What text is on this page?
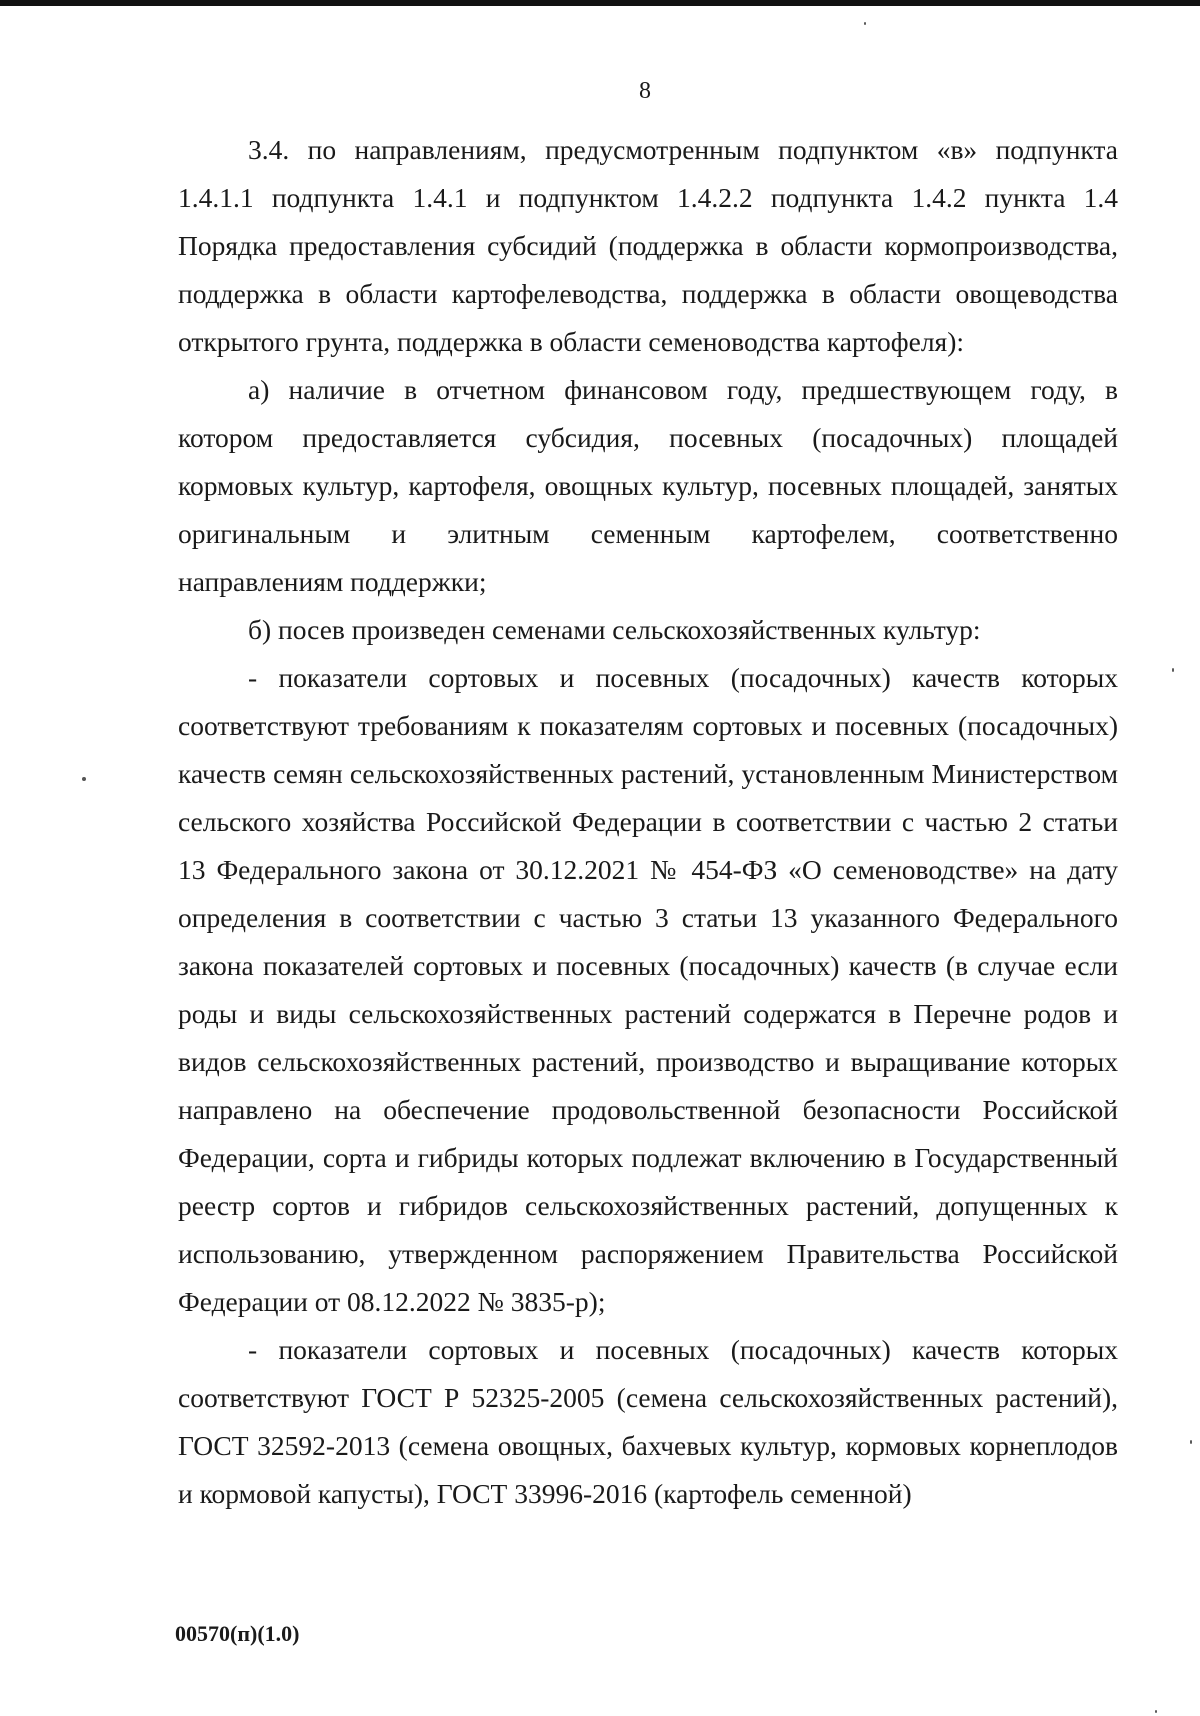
8

3.4. по направлениям, предусмотренным подпунктом «в» подпункта 1.4.1.1 подпункта 1.4.1 и подпунктом 1.4.2.2 подпункта 1.4.2 пункта 1.4 Порядка предоставления субсидий (поддержка в области кормопроизводства, поддержка в области картофелеводства, поддержка в области овощеводства открытого грунта, поддержка в области семеноводства картофеля):

а) наличие в отчетном финансовом году, предшествующем году, в котором предоставляется субсидия, посевных (посадочных) площадей кормовых культур, картофеля, овощных культур, посевных площадей, занятых оригинальным и элитным семенным картофелем, соответственно направлениям поддержки;

б) посев произведен семенами сельскохозяйственных культур:

- показатели сортовых и посевных (посадочных) качеств которых соответствуют требованиям к показателям сортовых и посевных (посадочных) качеств семян сельскохозяйственных растений, установленным Министерством сельского хозяйства Российской Федерации в соответствии с частью 2 статьи 13 Федерального закона от 30.12.2021 № 454-ФЗ «О семеноводстве» на дату определения в соответствии с частью 3 статьи 13 указанного Федерального закона показателей сортовых и посевных (посадочных) качеств (в случае если роды и виды сельскохозяйственных растений содержатся в Перечне родов и видов сельскохозяйственных растений, производство и выращивание которых направлено на обеспечение продовольственной безопасности Российской Федерации, сорта и гибриды которых подлежат включению в Государственный реестр сортов и гибридов сельскохозяйственных растений, допущенных к использованию, утвержденном распоряжением Правительства Российской Федерации от 08.12.2022 № 3835-р);

- показатели сортовых и посевных (посадочных) качеств которых соответствуют ГОСТ Р 52325-2005 (семена сельскохозяйственных растений), ГОСТ 32592-2013 (семена овощных, бахчевых культур, кормовых корнеплодов и кормовой капусты), ГОСТ 33996-2016 (картофель семенной)

00570(п)(1.0)
